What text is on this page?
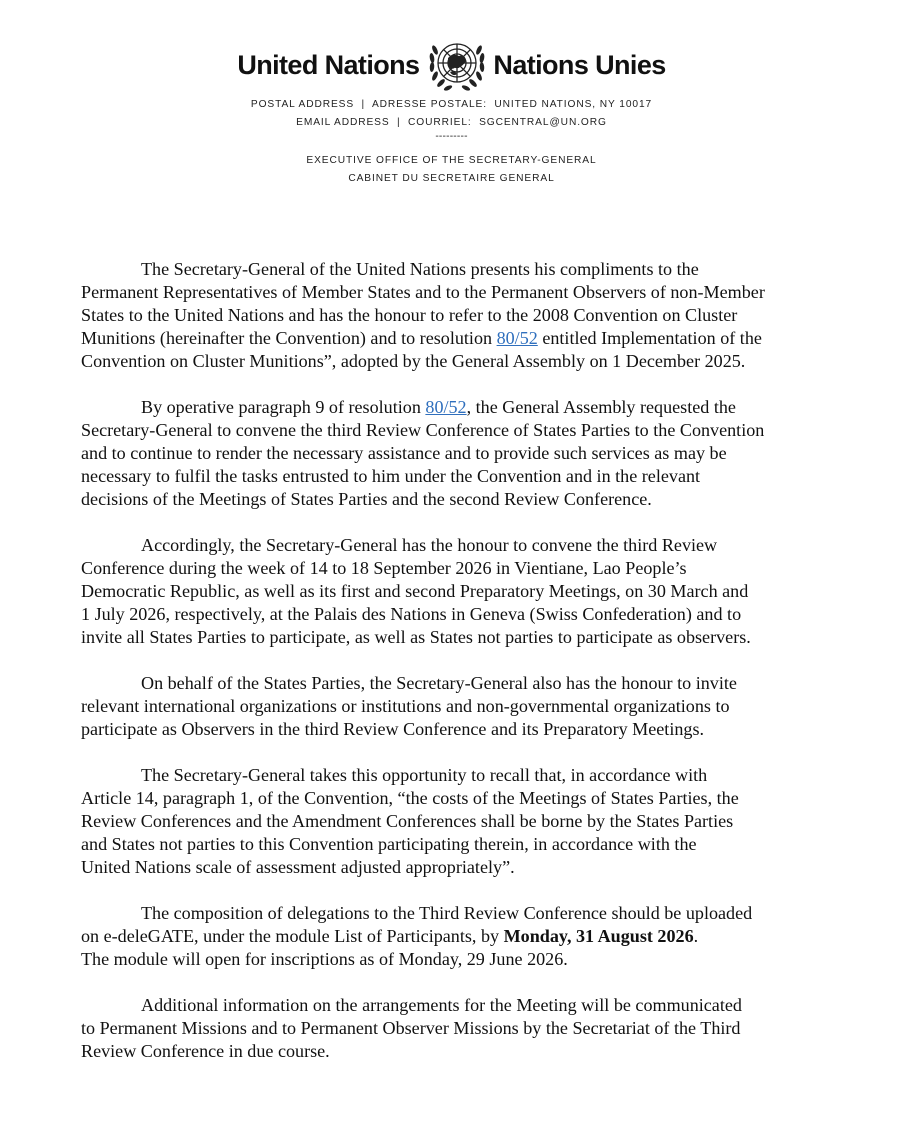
United Nations	Nations Unies
POSTAL ADDRESS  |  ADRESSE POSTALE:  UNITED NATIONS, NY 10017
EMAIL ADDRESS  |  COURRIEL:  SGCENTRAL@UN.ORG
---------
EXECUTIVE OFFICE OF THE SECRETARY-GENERAL
CABINET DU SECRETAIRE GENERAL
The Secretary-General of the United Nations presents his compliments to the
Permanent Representatives of Member States and to the Permanent Observers of non-Member
States to the United Nations and has the honour to refer to the 2008 Convention on Cluster
Munitions (hereinafter the Convention) and to resolution 80/52 entitled Implementation of the
Convention on Cluster Munitions”, adopted by the General Assembly on 1 December 2025.
By operative paragraph 9 of resolution 80/52, the General Assembly requested the
Secretary-General to convene the third Review Conference of States Parties to the Convention
and to continue to render the necessary assistance and to provide such services as may be
necessary to fulfil the tasks entrusted to him under the Convention and in the relevant
decisions of the Meetings of States Parties and the second Review Conference.
Accordingly, the Secretary-General has the honour to convene the third Review
Conference during the week of 14 to 18 September 2026 in Vientiane, Lao People’s
Democratic Republic, as well as its first and second Preparatory Meetings, on 30 March and
1 July 2026, respectively, at the Palais des Nations in Geneva (Swiss Confederation) and to
invite all States Parties to participate, as well as States not parties to participate as observers.
On behalf of the States Parties, the Secretary-General also has the honour to invite
relevant international organizations or institutions and non-governmental organizations to
participate as Observers in the third Review Conference and its Preparatory Meetings.
The Secretary-General takes this opportunity to recall that, in accordance with
Article 14, paragraph 1, of the Convention, “the costs of the Meetings of States Parties, the
Review Conferences and the Amendment Conferences shall be borne by the States Parties
and States not parties to this Convention participating therein, in accordance with the
United Nations scale of assessment adjusted appropriately”.
The composition of delegations to the Third Review Conference should be uploaded
on e-deleGATE, under the module List of Participants, by Monday, 31 August 2026.
The module will open for inscriptions as of Monday, 29 June 2026.
Additional information on the arrangements for the Meeting will be communicated
to Permanent Missions and to Permanent Observer Missions by the Secretariat of the Third
Review Conference in due course.
